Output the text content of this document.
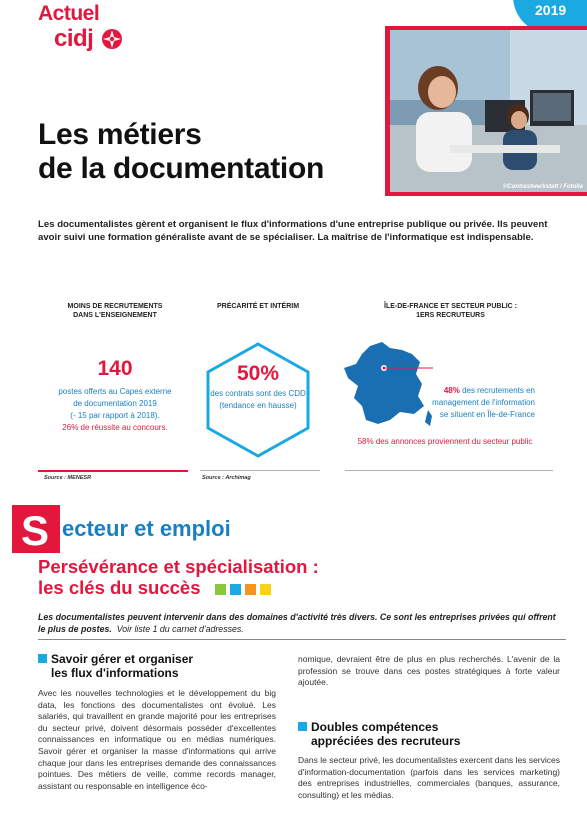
Actuel
cidj
2019
©Contrastwerkstatt / Fotolia
Les métiers
de la documentation

Les documentalistes gèrent et organisent le flux d'informations d'une entreprise publique ou privée. Ils peuvent avoir suivi une formation généraliste avant de se spécialiser. La maîtrise de l'informatique est indispensable.

MOINS DE RECRUTEMENTS
DANS L'ENSEIGNEMENT
140
postes offerts au Capes externe
de documentation 2019
(- 15 par rapport à 2018).
26% de réussite au concours.
Source : MENESR
PRÉCARITÉ ET INTÉRIM
50%
des contrats sont des CDD
(tendance en hausse)
Source : Archimag
ÎLE-DE-FRANCE ET SECTEUR PUBLIC :
1ERS RECRUTEURS
48% des recrutements en
management de l'information
se situent en Île-de-France
58% des annonces proviennent du secteur public
S ecteur et emploi
Persévérance et spécialisation :
les clés du succès

Les documentalistes peuvent intervenir dans des domaines d'activité très divers. Ce sont les entreprises privées qui offrent le plus de postes. Voir liste 1 du carnet d'adresses.

Savoir gérer et organiser
les flux d'informations

Avec les nouvelles technologies et le développement du big data, les fonctions des documentalistes ont évolué. Les salariés, qui travaillent en grande majorité pour les entreprises du secteur privé, doivent désormais posséder d'excellentes connaissances en informatique ou en médias numériques. Savoir gérer et organiser la masse d'informations qui arrive chaque jour dans les entreprises demande des connaissances pointues. Des métiers de veille, comme records manager, assistant ou responsable en intelligence éco-

nomique, devraient être de plus en plus recherchés. L'avenir de la profession se trouve dans ces postes stratégiques à forte valeur ajoutée.

Doubles compétences
appréciées des recruteurs

Dans le secteur privé, les documentalistes exercent dans les services d'information-documentation (parfois dans les services marketing) des entreprises industrielles, commerciales (banques, assurance, consulting) et les médias.
